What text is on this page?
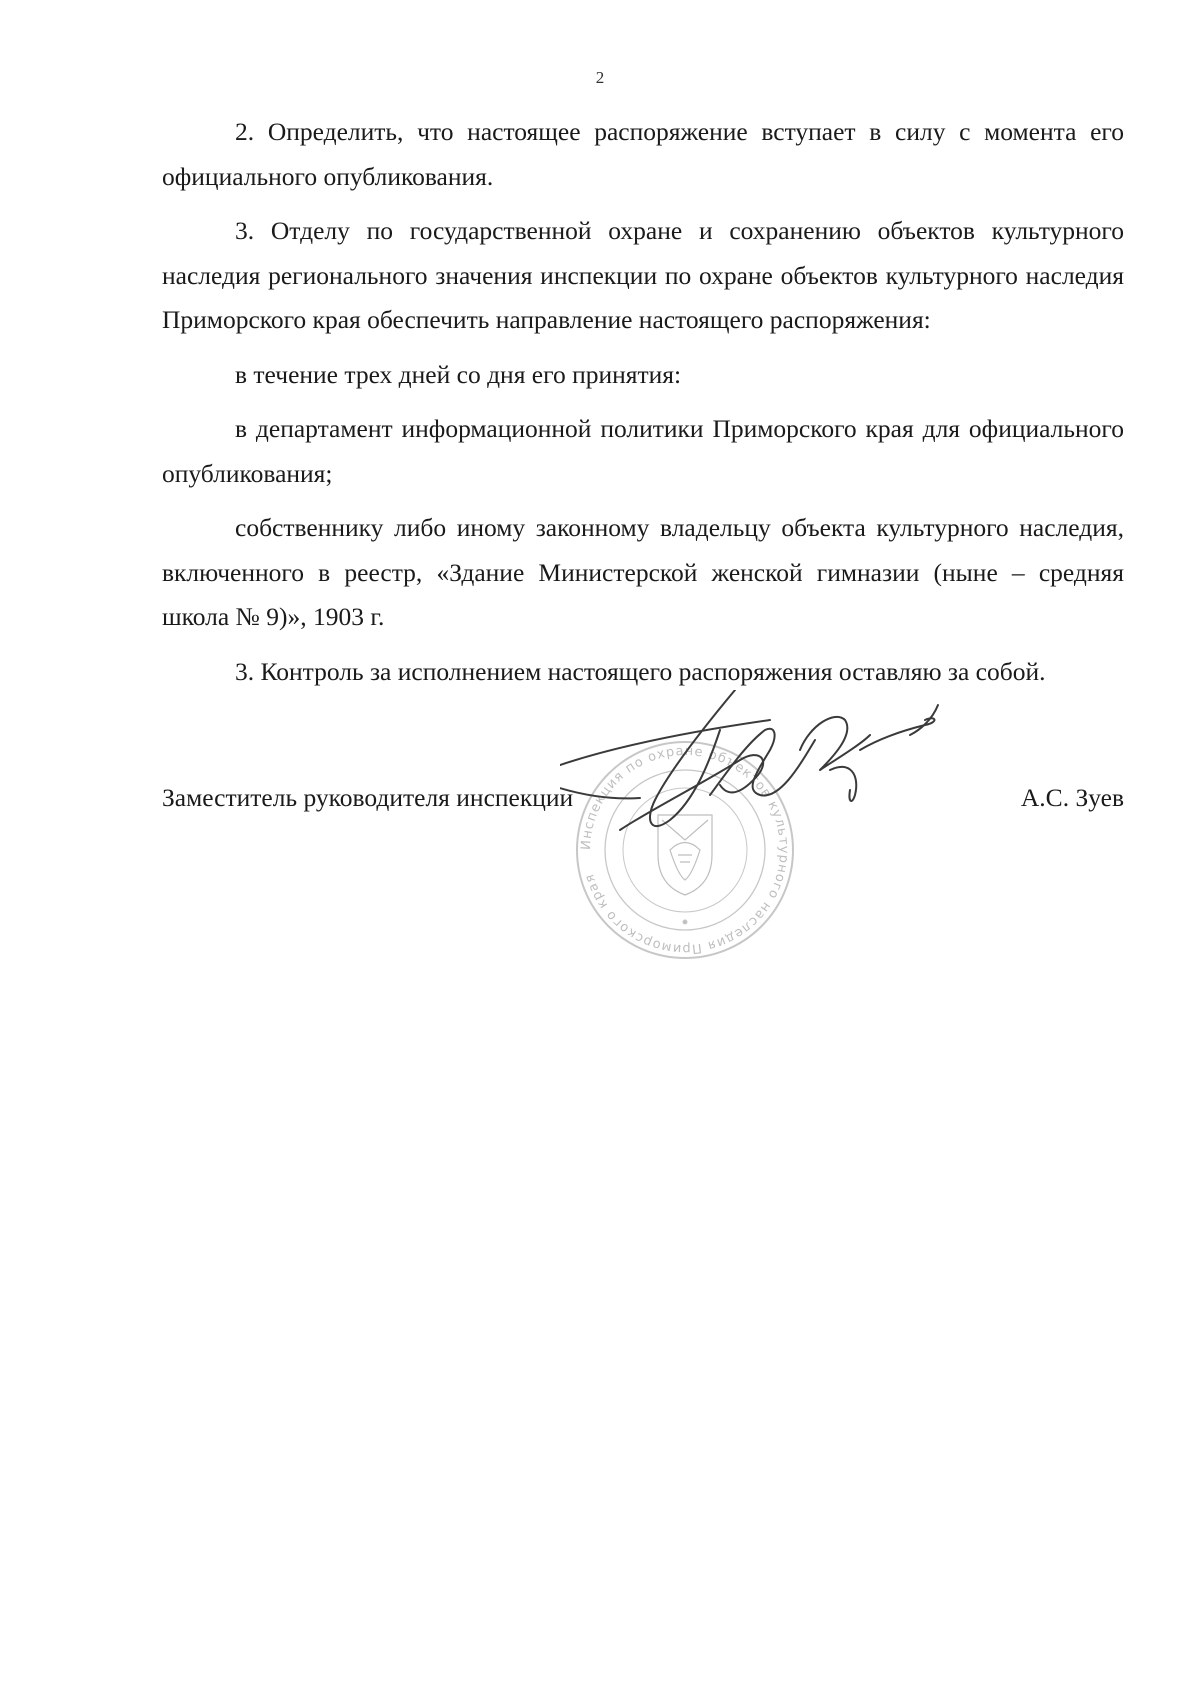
2

2. Определить, что настоящее распоряжение вступает в силу с момента его официального опубликования.

3. Отделу по государственной охране и сохранению объектов культурного наследия регионального значения инспекции по охране объектов культурного наследия Приморского края обеспечить направление настоящего распоряжения:

в течение трех дней со дня его принятия:

в департамент информационной политики Приморского края для официального опубликования;

собственнику либо иному законному владельцу объекта культурного наследия, включенного в реестр, «Здание Министерской женской гимназии (ныне – средняя школа № 9)», 1903 г.

3. Контроль за исполнением настоящего распоряжения оставляю за собой.

Инспекция по охране объектов культурного наследия Приморского края
Заместитель руководителя инспекции	А.С. Зуев
